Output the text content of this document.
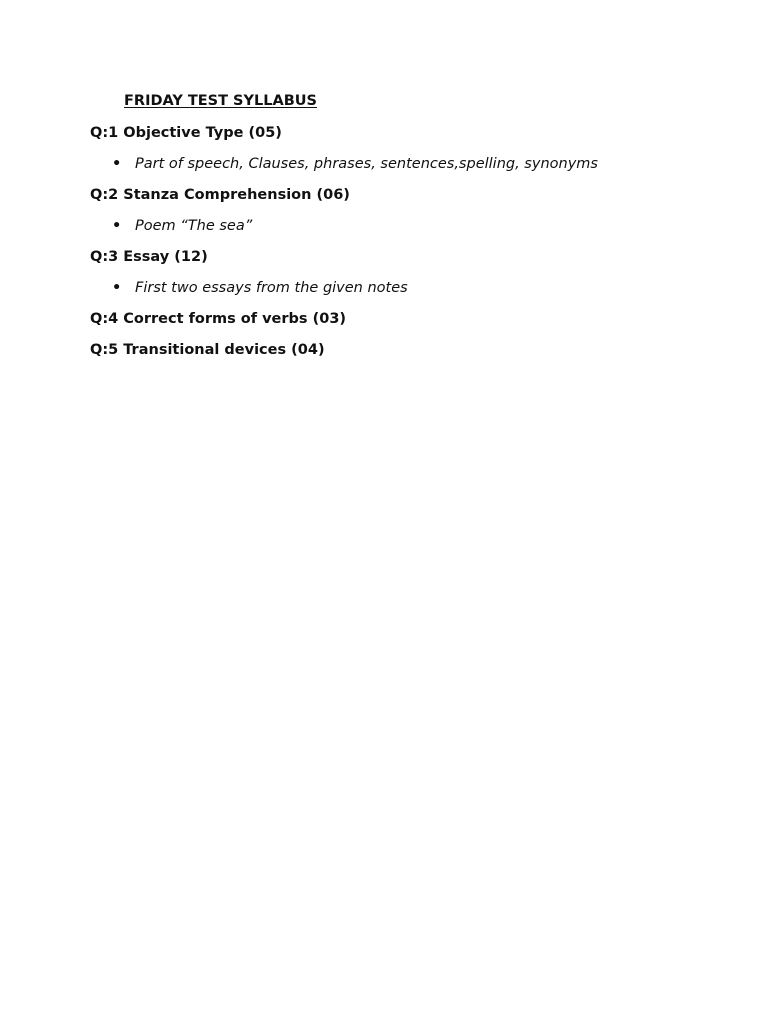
FRIDAY TEST SYLLABUS
Q:1 Objective Type (05)
• Part of speech, Clauses, phrases, sentences,spelling, synonyms
Q:2 Stanza Comprehension (06)
• Poem “The sea”
Q:3 Essay (12)
• First two essays from the given notes
Q:4 Correct forms of verbs (03)
Q:5 Transitional devices (04)
